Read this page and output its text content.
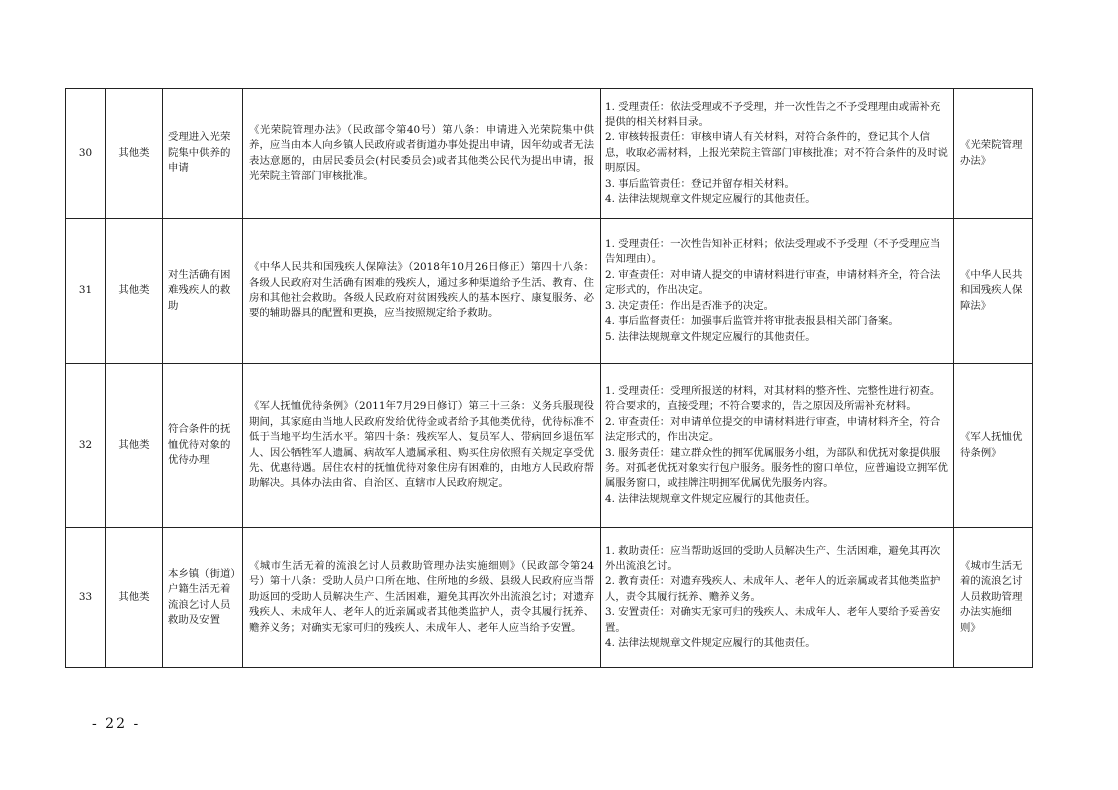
30	其他类	受理进入光荣院集中供养的申请	《光荣院管理办法》（民政部令第40号）第八条：申请进入光荣院集中供养，应当由本人向乡镇人民政府或者街道办事处提出申请，因年幼或者无法表达意愿的，由居民委员会(村民委员会)或者其他类公民代为提出申请，报光荣院主管部门审核批准。	1. 受理责任：依法受理或不予受理，并一次性告之不予受理理由或需补充提供的相关材料目录。
2. 审核转报责任：审核申请人有关材料，对符合条件的，登记其个人信息，收取必需材料，上报光荣院主管部门审核批准；对不符合条件的及时说明原因。
3. 事后监管责任：登记并留存相关材料。
4. 法律法规规章文件规定应履行的其他责任。	《光荣院管理办法》
31	其他类	对生活确有困难残疾人的救助	《中华人民共和国残疾人保障法》（2018年10月26日修正）第四十八条：各级人民政府对生活确有困难的残疾人，通过多种渠道给予生活、教育、住房和其他社会救助。各级人民政府对贫困残疾人的基本医疗、康复服务、必要的辅助器具的配置和更换，应当按照规定给予救助。	1. 受理责任：一次性告知补正材料；依法受理或不予受理（不予受理应当告知理由）。
2. 审查责任：对申请人提交的申请材料进行审查，申请材料齐全，符合法定形式的，作出决定。
3. 决定责任：作出是否准予的决定。
4. 事后监督责任：加强事后监管并将审批表报县相关部门备案。
5. 法律法规规章文件规定应履行的其他责任。	《中华人民共和国残疾人保障法》
32	其他类	符合条件的抚恤优待对象的优待办理	《军人抚恤优待条例》（2011年7月29日修订）第三十三条：义务兵服现役期间，其家庭由当地人民政府发给优待金或者给予其他类优待，优待标准不低于当地平均生活水平。第四十条：残疾军人、复员军人、带病回乡退伍军人、因公牺牲军人遗属、病故军人遗属承租、购买住房依照有关规定享受优先、优惠待遇。居住农村的抚恤优待对象住房有困难的，由地方人民政府帮助解决。具体办法由省、自治区、直辖市人民政府规定。	1. 受理责任：受理所报送的材料，对其材料的整齐性、完整性进行初查。符合要求的，直接受理；不符合要求的，告之原因及所需补充材料。
2. 审查责任：对申请单位提交的申请材料进行审查，申请材料齐全，符合法定形式的，作出决定。
3. 服务责任：建立群众性的拥军优属服务小组，为部队和优抚对象提供服务。对孤老优抚对象实行包户服务。服务性的窗口单位，应普遍设立拥军优属服务窗口，或挂牌注明拥军优属优先服务内容。
4. 法律法规规章文件规定应履行的其他责任。	《军人抚恤优待条例》
33	其他类	本乡镇（街道）户籍生活无着流浪乞讨人员救助及安置	《城市生活无着的流浪乞讨人员救助管理办法实施细则》（民政部令第24号）第十八条：受助人员户口所在地、住所地的乡级、县级人民政府应当帮助返回的受助人员解决生产、生活困难，避免其再次外出流浪乞讨；对遗弃残疾人、未成年人、老年人的近亲属或者其他类监护人，责令其履行抚养、赡养义务；对确实无家可归的残疾人、未成年人、老年人应当给予安置。	1. 救助责任：应当帮助返回的受助人员解决生产、生活困难，避免其再次外出流浪乞讨。
2. 教育责任：对遗弃残疾人、未成年人、老年人的近亲属或者其他类监护人，责令其履行抚养、赡养义务。
3. 安置责任：对确实无家可归的残疾人、未成年人、老年人要给予妥善安置。
4. 法律法规规章文件规定应履行的其他责任。	《城市生活无着的流浪乞讨人员救助管理办法实施细则》
- 22 -
